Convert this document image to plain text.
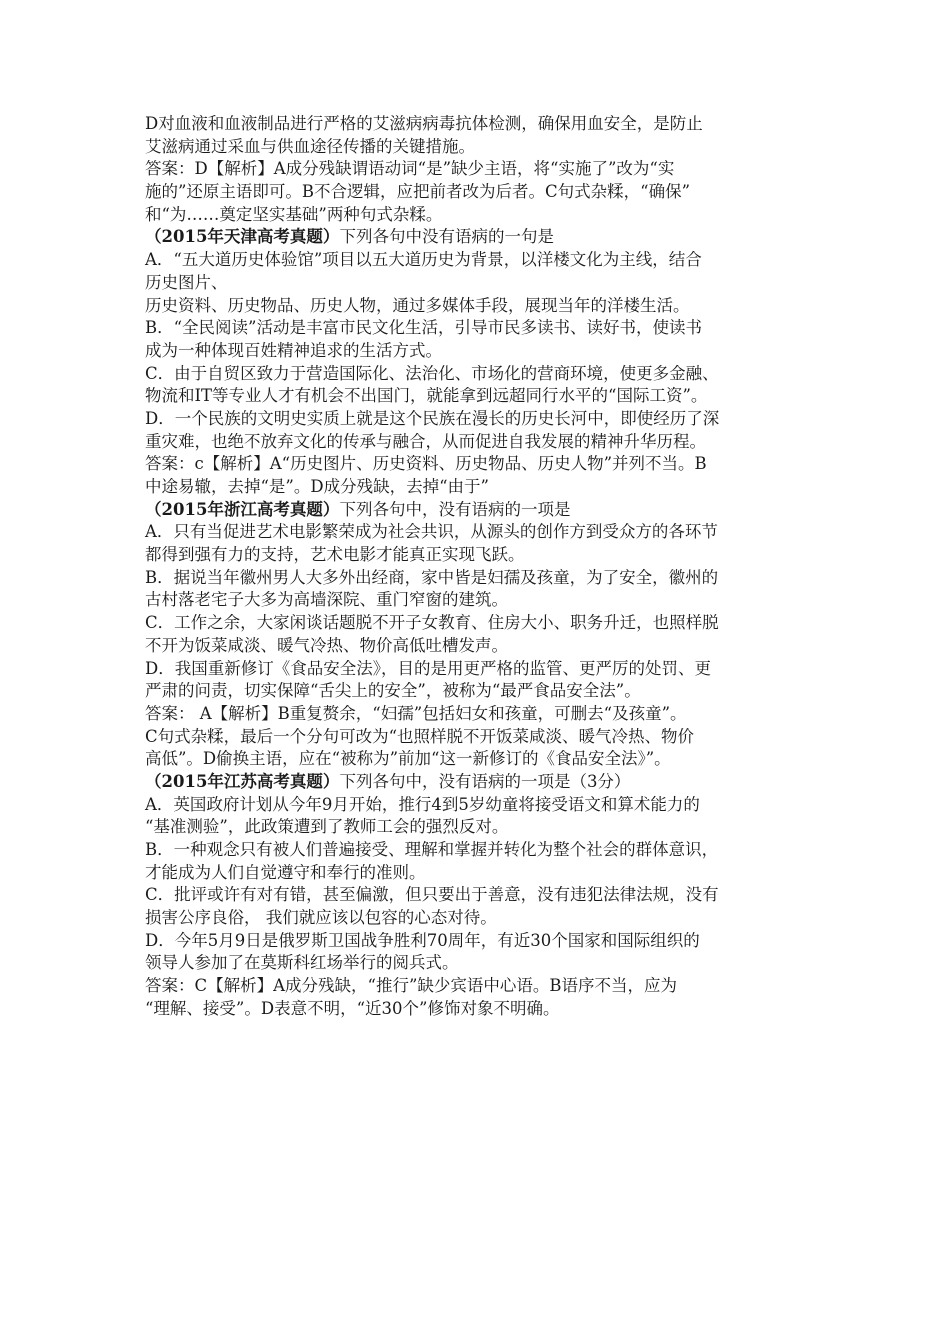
D对血液和血液制品进行严格的艾滋病病毒抗体检测，确保用血安全，是防止
艾滋病通过采血与供血途径传播的关键措施。
答案：D【解析】A成分残缺谓语动词“是”缺少主语，将“实施了”改为“实
施的”还原主语即可。B不合逻辑，应把前者改为后者。C句式杂糅，“确保”
和“为……奠定坚实基础”两种句式杂糅。
（2015年天津高考真题）下列各句中没有语病的一句是
A．“五大道历史体验馆”项目以五大道历史为背景，以洋楼文化为主线，结合
历史图片、
历史资料、历史物品、历史人物，通过多媒体手段，展现当年的洋楼生活。
B．“全民阅读”活动是丰富市民文化生活，引导市民多读书、读好书，使读书
成为一种体现百姓精神追求的生活方式。
C．由于自贸区致力于营造国际化、法治化、市场化的营商环境，使更多金融、
物流和IT等专业人才有机会不出国门，就能拿到远超同行水平的“国际工资”。
D．一个民族的文明史实质上就是这个民族在漫长的历史长河中，即使经历了深
重灾难，也绝不放弃文化的传承与融合，从而促进自我发展的精神升华历程。
答案：c【解析】A“历史图片、历史资料、历史物品、历史人物”并列不当。B
中途易辙，去掉“是”。D成分残缺，去掉“由于”
（2015年浙江高考真题）下列各句中，没有语病的一项是
A．只有当促进艺术电影繁荣成为社会共识，从源头的创作方到受众方的各环节
都得到强有力的支持，艺术电影才能真正实现飞跃。
B．据说当年徽州男人大多外出经商，家中皆是妇孺及孩童，为了安全，徽州的
古村落老宅子大多为高墙深院、重门窄窗的建筑。
C．工作之余，大家闲谈话题脱不开子女教育、住房大小、职务升迁，也照样脱
不开为饭菜咸淡、暖气冷热、物价高低吐槽发声。
D．我国重新修订《食品安全法》，目的是用更严格的监管、更严厉的处罚、更
严肃的问责，切实保障“舌尖上的安全”，被称为“最严食品安全法”。
答案： A【解析】B重复赘余，“妇孺”包括妇女和孩童，可删去“及孩童”。
C句式杂糅，最后一个分句可改为“也照样脱不开饭菜咸淡、暖气冷热、物价
高低”。D偷换主语，应在“被称为”前加“这一新修订的《食品安全法》”。
（2015年江苏高考真题）下列各句中，没有语病的一项是（3分）
A．英国政府计划从今年9月开始，推行4到5岁幼童将接受语文和算术能力的
“基准测验”，此政策遭到了教师工会的强烈反对。
B．一种观念只有被人们普遍接受、理解和掌握并转化为整个社会的群体意识，
才能成为人们自觉遵守和奉行的准则。
C．批评或许有对有错，甚至偏激，但只要出于善意，没有违犯法律法规，没有
损害公序良俗， 我们就应该以包容的心态对待。
D．今年5月9日是俄罗斯卫国战争胜利70周年，有近30个国家和国际组织的
领导人参加了在莫斯科红场举行的阅兵式。
答案：C【解析】A成分残缺，“推行”缺少宾语中心语。B语序不当，应为
“理解、接受”。D表意不明，“近30个”修饰对象不明确。
